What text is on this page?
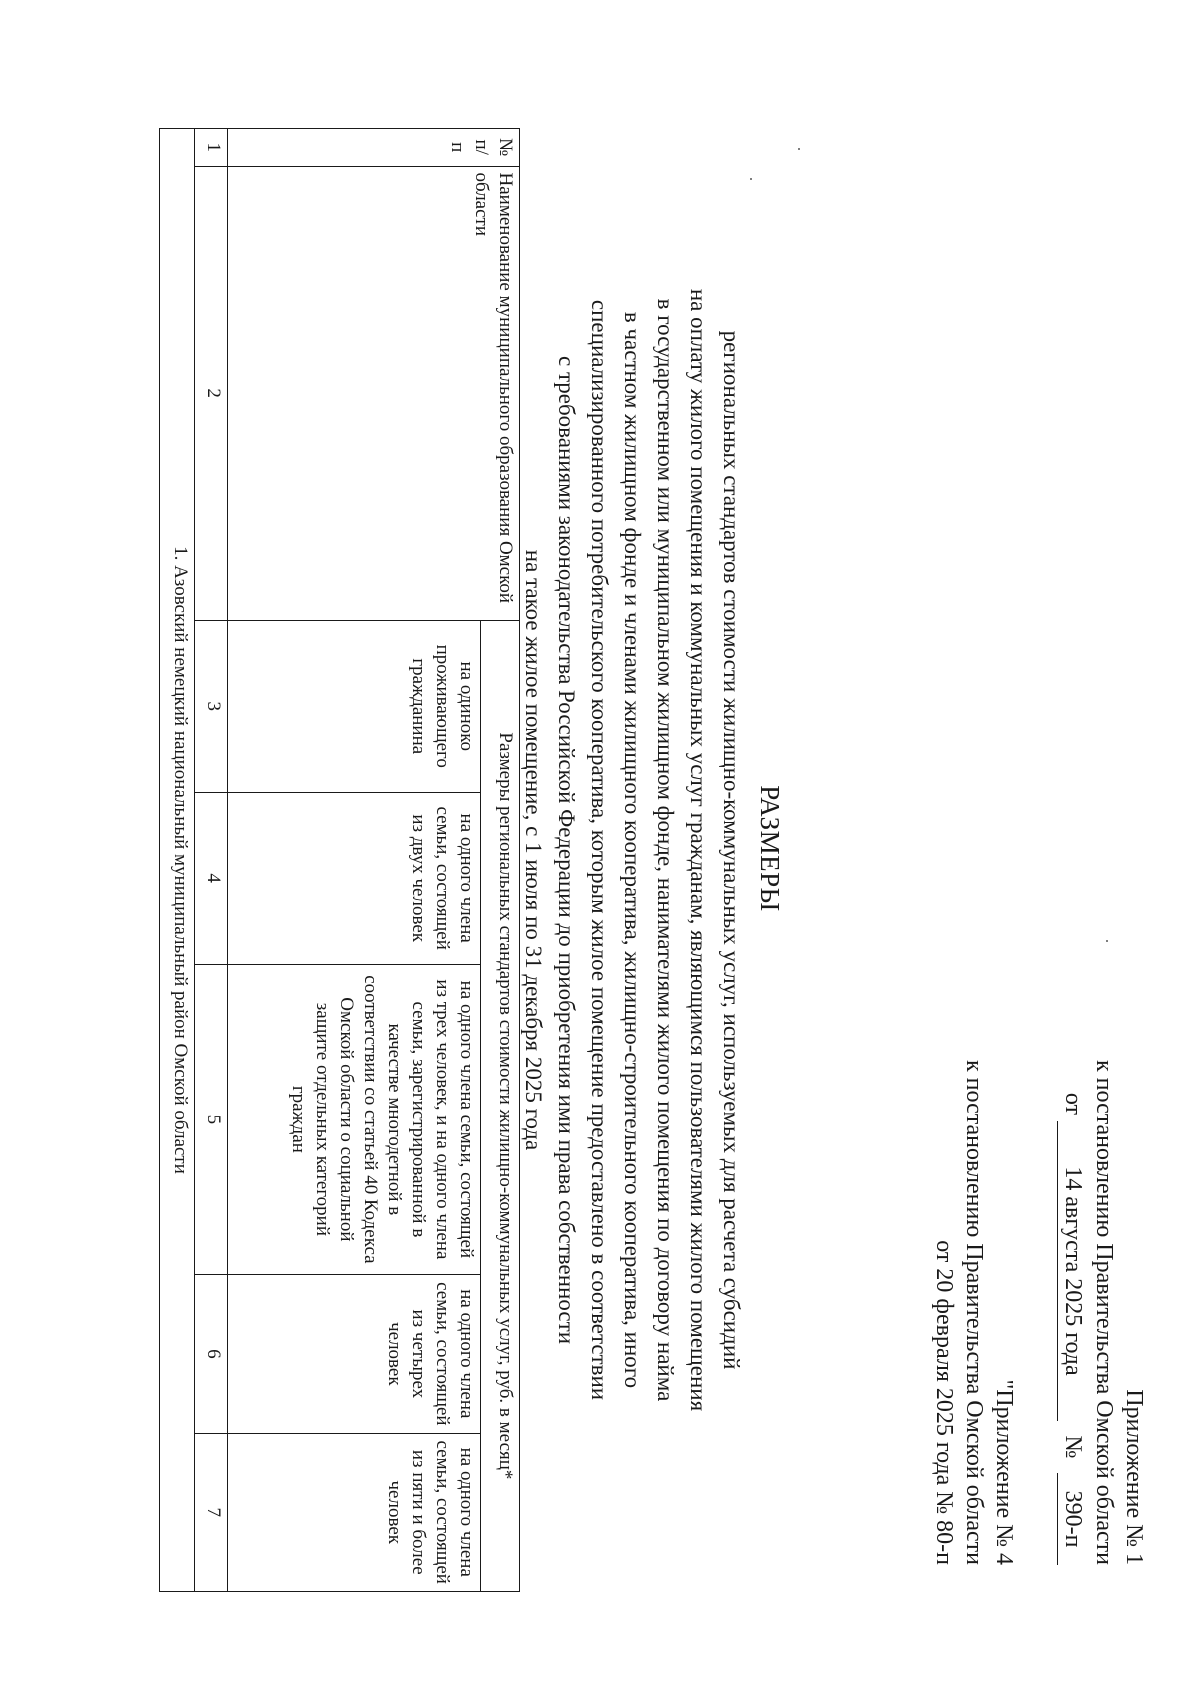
Приложение № 1
к постановлению Правительства Омской области
от 14 августа 2025 года № 390-п
"Приложение № 4
к постановлению Правительства Омской области
от 20 февраля 2025 года № 80-п
РАЗМЕРЫ
региональных стандартов стоимости жилищно-коммунальных услуг, используемых для расчета субсидий
на оплату жилого помещения и коммунальных услуг гражданам, являющимся пользователями жилого помещения
в государственном или муниципальном жилищном фонде, нанимателями жилого помещения по договору найма
в частном жилищном фонде и членами жилищного кооператива, жилищно-строительного кооператива, иного
специализированного потребительского кооператива, которым жилое помещение предоставлено в соответствии
с требованиями законодательства Российской Федерации до приобретения ими права собственности
на такое жилое помещение, с 1 июля по 31 декабря 2025 года
№ п/п	Наименование муниципального образования Омской области	Размеры региональных стандартов стоимости жилищно-коммунальных услуг, руб. в месяц*				
		на одиноко проживающего гражданина	на одного члена семьи, состоящей из двух человек	на одного члена семьи, состоящей из трех человек, и на одного члена семьи, зарегистрированной в качестве многодетной в соответствии со статьей 40 Кодекса Омской области о социальной защите отдельных категорий граждан	на одного члена семьи, состоящей из четырех человек	на одного члена семьи, состоящей из пяти и более человек
1	2	3	4	5	6	7
1. Азовский немецкий национальный муниципальный район Омской области						
